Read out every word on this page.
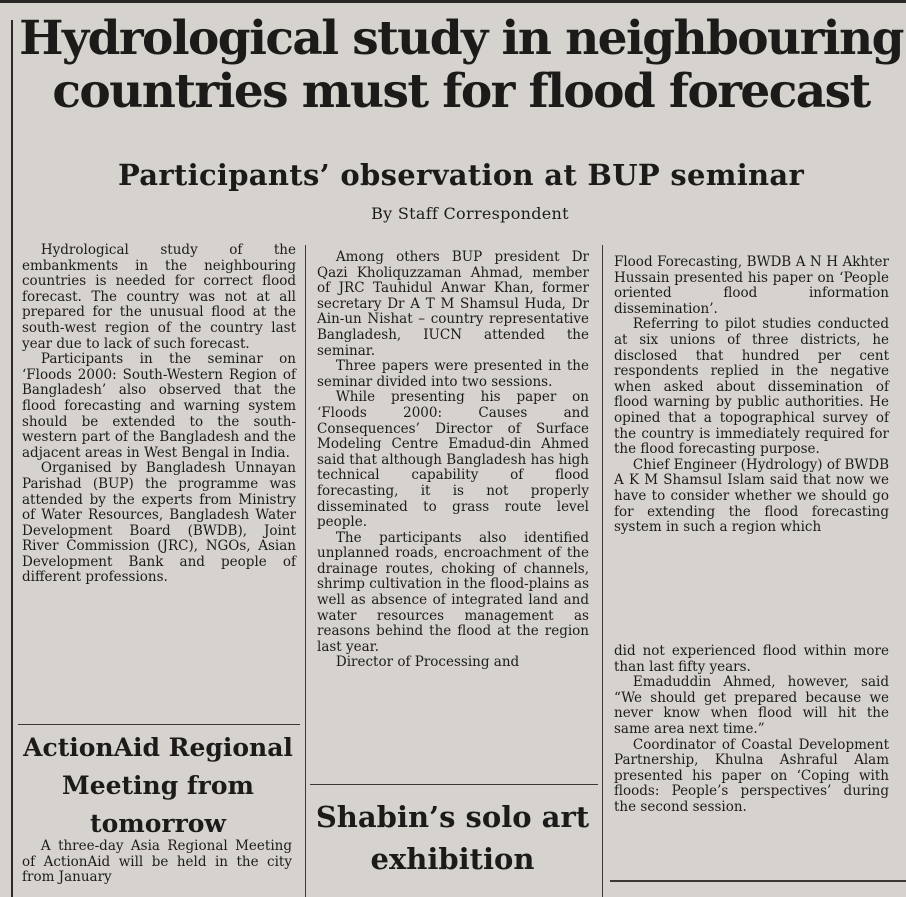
Hydrological study in neighbouring countries must for flood forecast
Participants’ observation at BUP seminar
By Staff Correspondent

Hydrological study of the embankments in the neighbouring countries is needed for correct flood forecast. The country was not at all prepared for the unusual flood at the south-west region of the country last year due to lack of such forecast.

Participants in the seminar on ‘Floods 2000: South-Western Region of Bangladesh’ also observed that the flood forecasting and warning system should be extended to the south-western part of the Bangladesh and the adjacent areas in West Bengal in India.

Organised by Bangladesh Unnayan Parishad (BUP) the programme was attended by the experts from Ministry of Water Resources, Bangladesh Water Development Board (BWDB), Joint River Commission (JRC), NGOs, Asian Development Bank and people of different professions.

Among others BUP president Dr Qazi Kholiquzzaman Ahmad, member of JRC Tauhidul Anwar Khan, former secretary Dr A T M Shamsul Huda, Dr Ain-un Nishat – country representative Bangladesh, IUCN attended the seminar.

Three papers were presented in the seminar divided into two sessions.

While presenting his paper on ‘Floods 2000: Causes and Consequences’ Director of Surface Modeling Centre Emadud-din Ahmed said that although Bangladesh has high technical capability of flood forecasting, it is not properly disseminated to grass route level people.

The participants also identified unplanned roads, encroachment of the drainage routes, choking of channels, shrimp cultivation in the flood-plains as well as absence of integrated land and water resources management as reasons behind the flood at the region last year.

Director of Processing and

Flood Forecasting, BWDB A N H Akhter Hussain presented his paper on ‘People oriented flood information dissemination’.

Referring to pilot studies conducted at six unions of three districts, he disclosed that hundred per cent respondents replied in the negative when asked about dissemination of flood warning by public authorities. He opined that a topographical survey of the country is immediately required for the flood forecasting purpose.

Chief Engineer (Hydrology) of BWDB A K M Shamsul Islam said that now we have to consider whether we should go for extending the flood forecasting system in such a region which

did not experienced flood within more than last fifty years.

Emaduddin Ahmed, however, said “We should get prepared because we never know when flood will hit the same area next time.”

Coordinator of Coastal Development Partnership, Khulna Ashraful Alam presented his paper on ‘Coping with floods: People’s perspectives’ during the second session.

ActionAid Regional Meeting from tomorrow

A three-day Asia Regional Meeting of ActionAid will be held in the city from January

Shabin’s solo art exhibition
